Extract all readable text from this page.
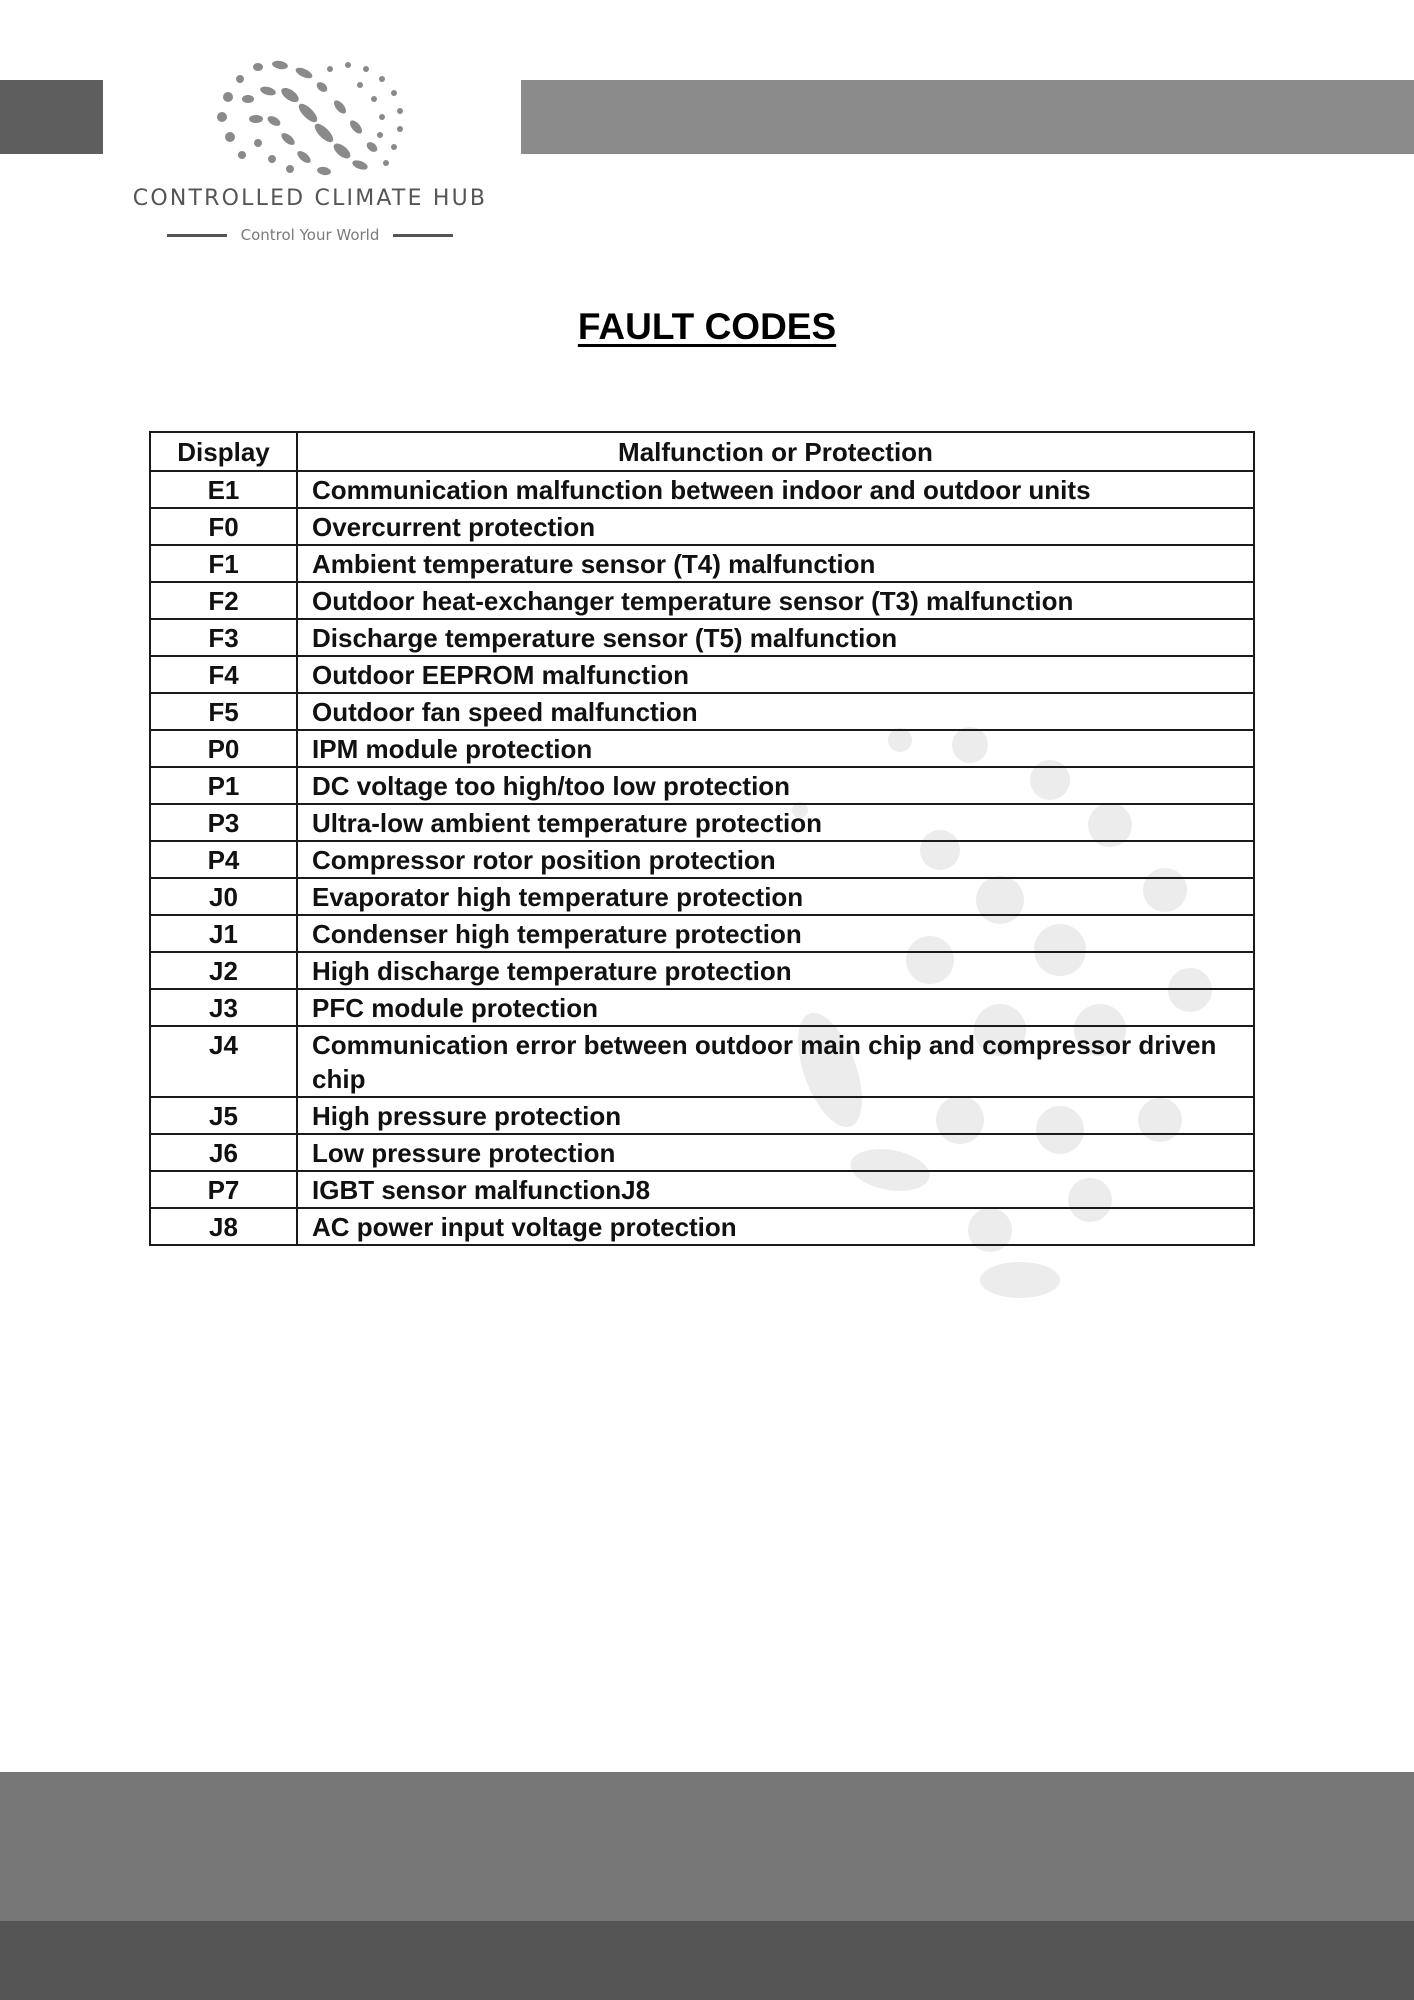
CONTROLLED CLIMATE HUB
Control Your World
FAULT CODES
Display	Malfunction or Protection
E1	Communication malfunction between indoor and outdoor units
F0	Overcurrent protection
F1	Ambient temperature sensor (T4) malfunction
F2	Outdoor heat-exchanger temperature sensor (T3) malfunction
F3	Discharge temperature sensor (T5) malfunction
F4	Outdoor EEPROM malfunction
F5	Outdoor fan speed malfunction
P0	IPM module protection
P1	DC voltage too high/too low protection
P3	Ultra-low ambient temperature protection
P4	Compressor rotor position protection
J0	Evaporator high temperature protection
J1	Condenser high temperature protection
J2	High discharge temperature protection
J3	PFC module protection
J4	Communication error between outdoor main chip and compressor driven chip
J5	High pressure protection
J6	Low pressure protection
P7	IGBT sensor malfunctionJ8
J8	AC power input voltage protection
